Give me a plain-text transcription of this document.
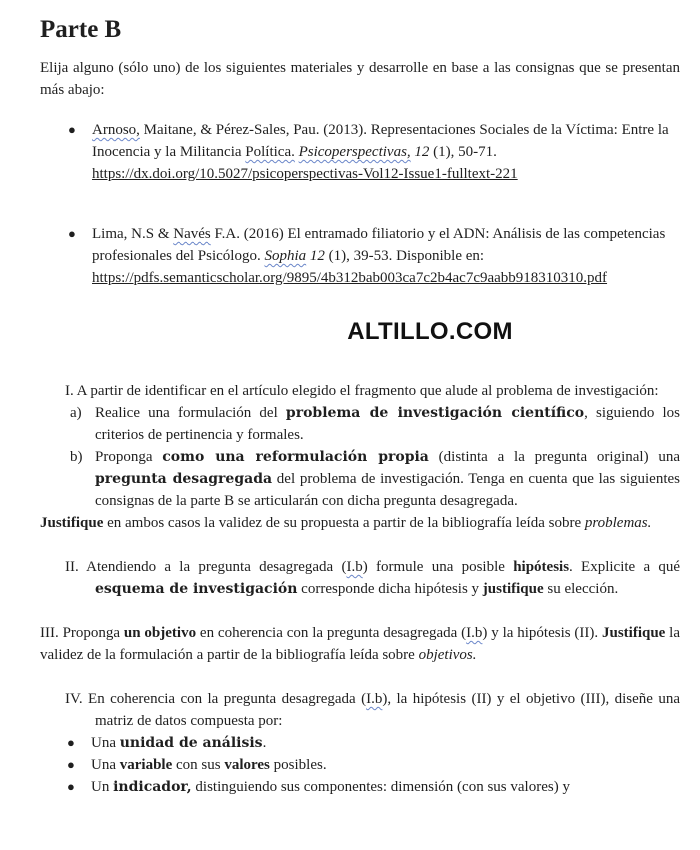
Parte B

Elija alguno (sólo uno) de los siguientes materiales y desarrolle en base a las consignas que se presentan más abajo:

● Arnoso, Maitane, & Pérez-Sales, Pau. (2013). Representaciones Sociales de la Víctima: Entre la Inocencia y la Militancia Política. Psicoperspectivas, 12 (1), 50-71. https://dx.doi.org/10.5027/psicoperspectivas-Vol12-Issue1-fulltext-221
● Lima, N.S & Navés F.A. (2016) El entramado filiatorio y el ADN: Análisis de las competencias profesionales del Psicólogo. Sophia 12 (1), 39-53. Disponible en: https://pdfs.semanticscholar.org/9895/4b312bab003ca7c2b4ac7c9aabb918310310.pdf

ALTILLO.COM

I. A partir de identificar en el artículo elegido el fragmento que alude al problema de investigación:

a) Realice una formulación del problema de investigación científico, siguiendo los criterios de pertinencia y formales.

b) Proponga como una reformulación propia (distinta a la pregunta original) una pregunta desagregada del problema de investigación. Tenga en cuenta que las siguientes consignas de la parte B se articularán con dicha pregunta desagregada.

Justifique en ambos casos la validez de su propuesta a partir de la bibliografía leída sobre problemas.

II. Atendiendo a la pregunta desagregada (I.b) formule una posible hipótesis. Explicite a qué esquema de investigación corresponde dicha hipótesis y justifique su elección.

III. Proponga un objetivo en coherencia con la pregunta desagregada (I.b) y la hipótesis (II). Justifique la validez de la formulación a partir de la bibliografía leída sobre objetivos.

IV. En coherencia con la pregunta desagregada (I.b), la hipótesis (II) y el objetivo (III), diseñe una matriz de datos compuesta por:

● Una unidad de análisis.

● Una variable con sus valores posibles.

● Un indicador, distinguiendo sus componentes: dimensión (con sus valores) y
